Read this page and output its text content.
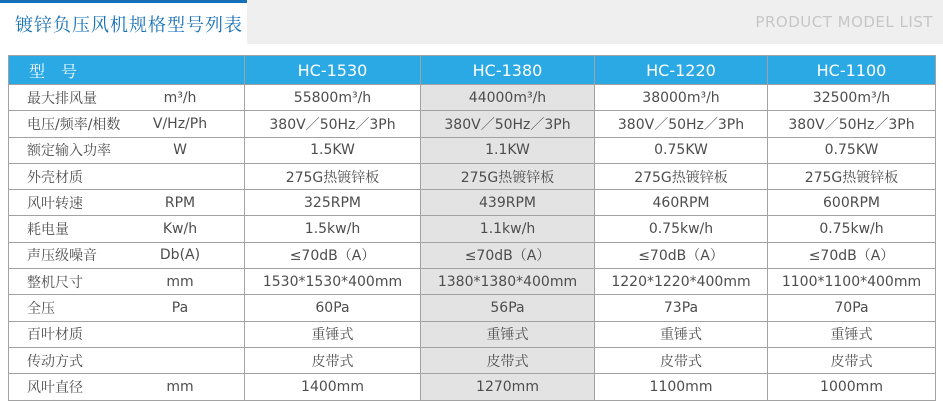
镀锌负压风机规格型号列表	PRODUCT MODEL LIST
型　号	HC-1530	HC-1380	HC-1220	HC-1100

最大排风量 m³/h	55800m³/h	44000m³/h	38000m³/h	32500m³/h

电压/频率/相数 V/Hz/Ph	380V／50Hz／3Ph	380V／50Hz／3Ph	380V／50Hz／3Ph	380V／50Hz／3Ph

额定输入功率 W	1.5KW	1.1KW	0.75KW	0.75KW

外壳材质	275G热镀锌板	275G热镀锌板	275G热镀锌板	275G热镀锌板

风叶转速 RPM	325RPM	439RPM	460RPM	600RPM

耗电量 Kw/h	1.5kw/h	1.1kw/h	0.75kw/h	0.75kw/h

声压级噪音 Db(A)	≤70dB（A）	≤70dB（A）	≤70dB（A）	≤70dB（A）

整机尺寸 mm	1530*1530*400mm	1380*1380*400mm	1220*1220*400mm	1100*1100*400mm

全压 Pa	60Pa	56Pa	73Pa	70Pa

百叶材质	重锤式	重锤式	重锤式	重锤式

传动方式	皮带式	皮带式	皮带式	皮带式

风叶直径 mm	1400mm	1270mm	1100mm	1000mm
